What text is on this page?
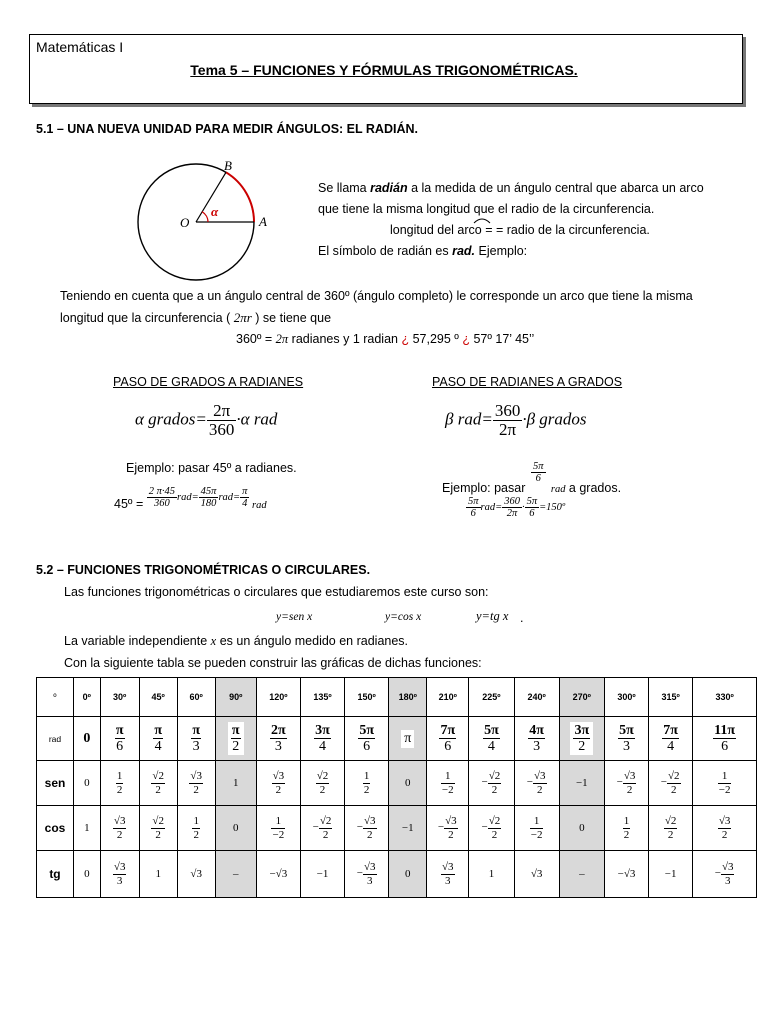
Matemáticas I
Tema 5 – FUNCIONES Y FÓRMULAS TRIGONOMÉTRICAS.
5.1 – UNA NUEVA UNIDAD PARA MEDIR ÁNGULOS: EL RADIÁN.
B
O	A
α
Se llama radián a la medida de un ángulo central que abarca un arco
que tiene la misma longitud que el radio de la circunferencia.
longitud del arco = = radio de la circunferencia.
El símbolo de radián es rad. Ejemplo:
Teniendo en cuenta que a un ángulo central de 360º (ángulo completo) le corresponde un arco que tiene la misma
longitud que la circunferencia ( 2πr ) se tiene que
360º = 2π radianes y 1 radian ¿ 57,295 º ¿ 57º 17’ 45’’
PASO DE GRADOS A RADIANES
α grados= $\frac{2\pi}{360} \cdot\alpha$ rad
Ejemplo: pasar 45º a radianes.
45º = $\frac{2 \pi\cdot 45}{360} rad= \frac{45\pi}{180} rad= \frac{\pi}{4}$ rad
PASO DE RADIANES A GRADOS
β $rad= \frac{360}{2\pi} \cdot\beta$ grados
$\frac{5\pi}{6}$
Ejemplo: pasar rad a grados.
$\frac{5\pi}{6} rad= \frac{360}{2\pi} \cdot \frac{5\pi}{6}$ =150º
5.2 – FUNCIONES TRIGONOMÉTRICAS O CIRCULARES.
Las funciones trigonométricas o circulares que estudiaremos este curso son:
y=sen x	y=cos x	y=tg x .
La variable independiente x es un ángulo medido en radianes.
Con la siguiente tabla se pueden construir las gráficas de dichas funciones:
º	0º	30º	45º	60º	90º	120º	135º	150º	180º	210º	225º	240º	270º	300º	315º	330º
rad	0	$\frac{\pi}{6}$	$\frac{\pi}{4}$	$\frac{\pi}{3}$	$\frac{\pi}{2}$	$\frac{2\pi}{3}$	$\frac{3\pi}{4}$	$\frac{5\pi}{6}$	π	$\frac{7\pi}{6}$	$\frac{5\pi}{4}$	$\frac{4\pi}{3}$	$\frac{3\pi}{2}$	$\frac{5\pi}{3}$	$\frac{7\pi}{4}$	$\frac{11\pi}{6}$

sen	0	$\frac{1}{2}$	$\frac{√2}{2}$	$\frac{√3}{2}$	1	$\frac{√3}{2}$	$\frac{√2}{2}$	$\frac{1}{2}$	0	$\frac{1}{-2}$	− $\frac{√2}{2}$	− $\frac{√3}{2}$	−1	− $\frac{√3}{2}$	− $\frac{√2}{2}$	$\frac{1}{-2}$

cos	1	$\frac{√3}{2}$	$\frac{√2}{2}$	$\frac{1}{2}$	0	$\frac{1}{-2}$	− $\frac{√2}{2}$	− $\frac{√3}{2}$	−1	− $\frac{√3}{2}$	− $\frac{√2}{2}$	$\frac{1}{-2}$	0	$\frac{1}{2}$	$\frac{√2}{2}$	$\frac{√3}{2}$

tg	0	$\frac{√3}{3}$	1	√3	–	−√3	−1	− $\frac{√3}{3}$	0	$\frac{√3}{3}$	1	√3	–	−√3	−1	− $\frac{√3}{3}$
